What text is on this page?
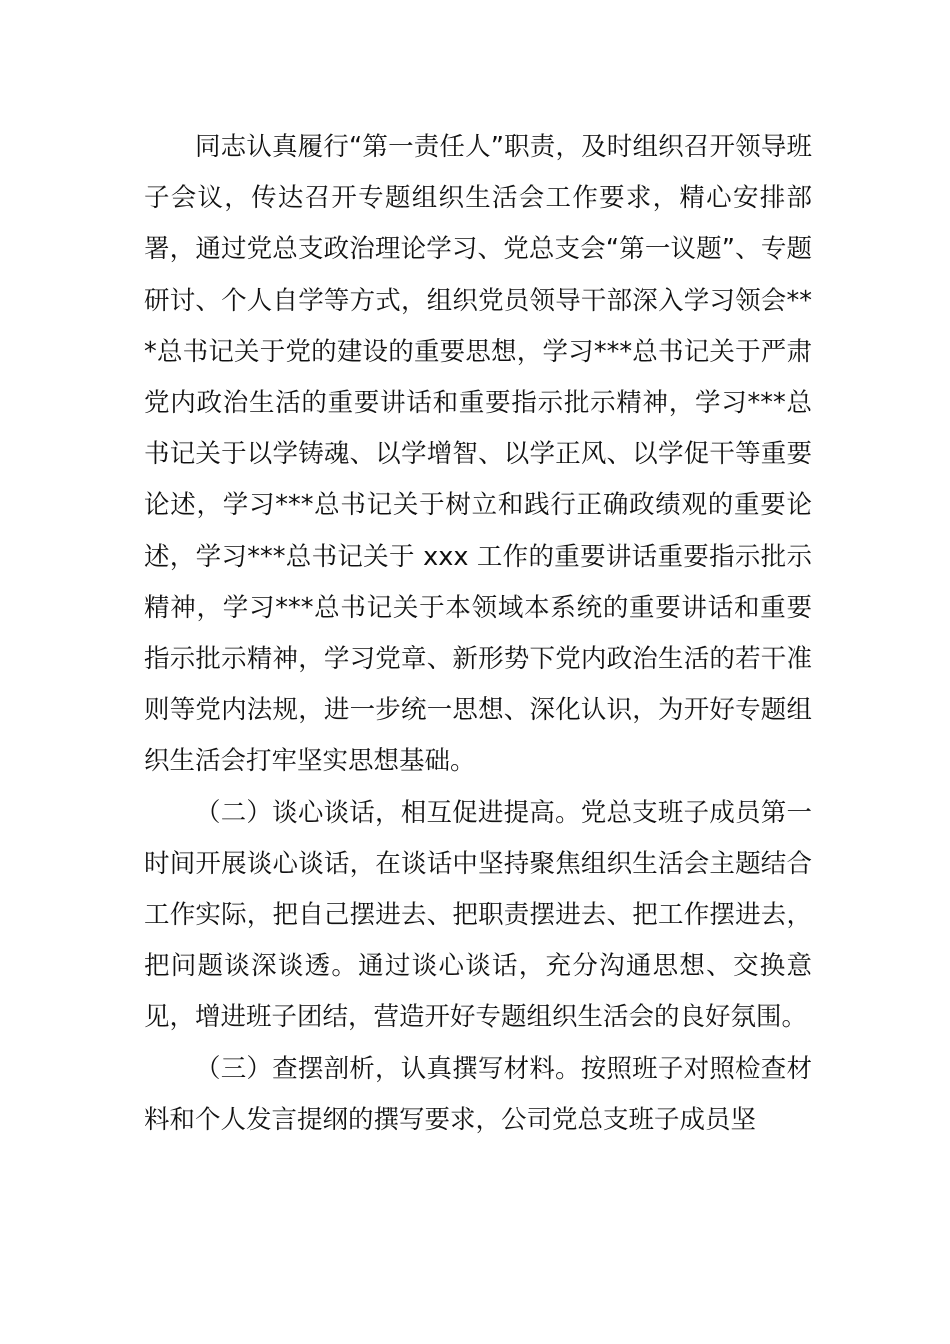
同志认真履行“第一责任人”职责，及时组织召开领导班子会议，传达召开专题组织生活会工作要求，精心安排部署，通过党总支政治理论学习、党总支会“第一议题”、专题研讨、个人自学等方式，组织党员领导干部深入学习领会***总书记关于党的建设的重要思想，学习***总书记关于严肃党内政治生活的重要讲话和重要指示批示精神，学习***总书记关于以学铸魂、以学增智、以学正风、以学促干等重要论述，学习***总书记关于树立和践行正确政绩观的重要论述，学习***总书记关于 xxx 工作的重要讲话重要指示批示精神，学习***总书记关于本领域本系统的重要讲话和重要指示批示精神，学习党章、新形势下党内政治生活的若干准则等党内法规，进一步统一思想、深化认识，为开好专题组织生活会打牢坚实思想基础。

（二）谈心谈话，相互促进提高。党总支班子成员第一时间开展谈心谈话，在谈话中坚持聚焦组织生活会主题结合工作实际，把自己摆进去、把职责摆进去、把工作摆进去，把问题谈深谈透。通过谈心谈话，充分沟通思想、交换意见，增进班子团结，营造开好专题组织生活会的良好氛围。

（三）查摆剖析，认真撰写材料。按照班子对照检查材料和个人发言提纲的撰写要求，公司党总支班子成员坚
